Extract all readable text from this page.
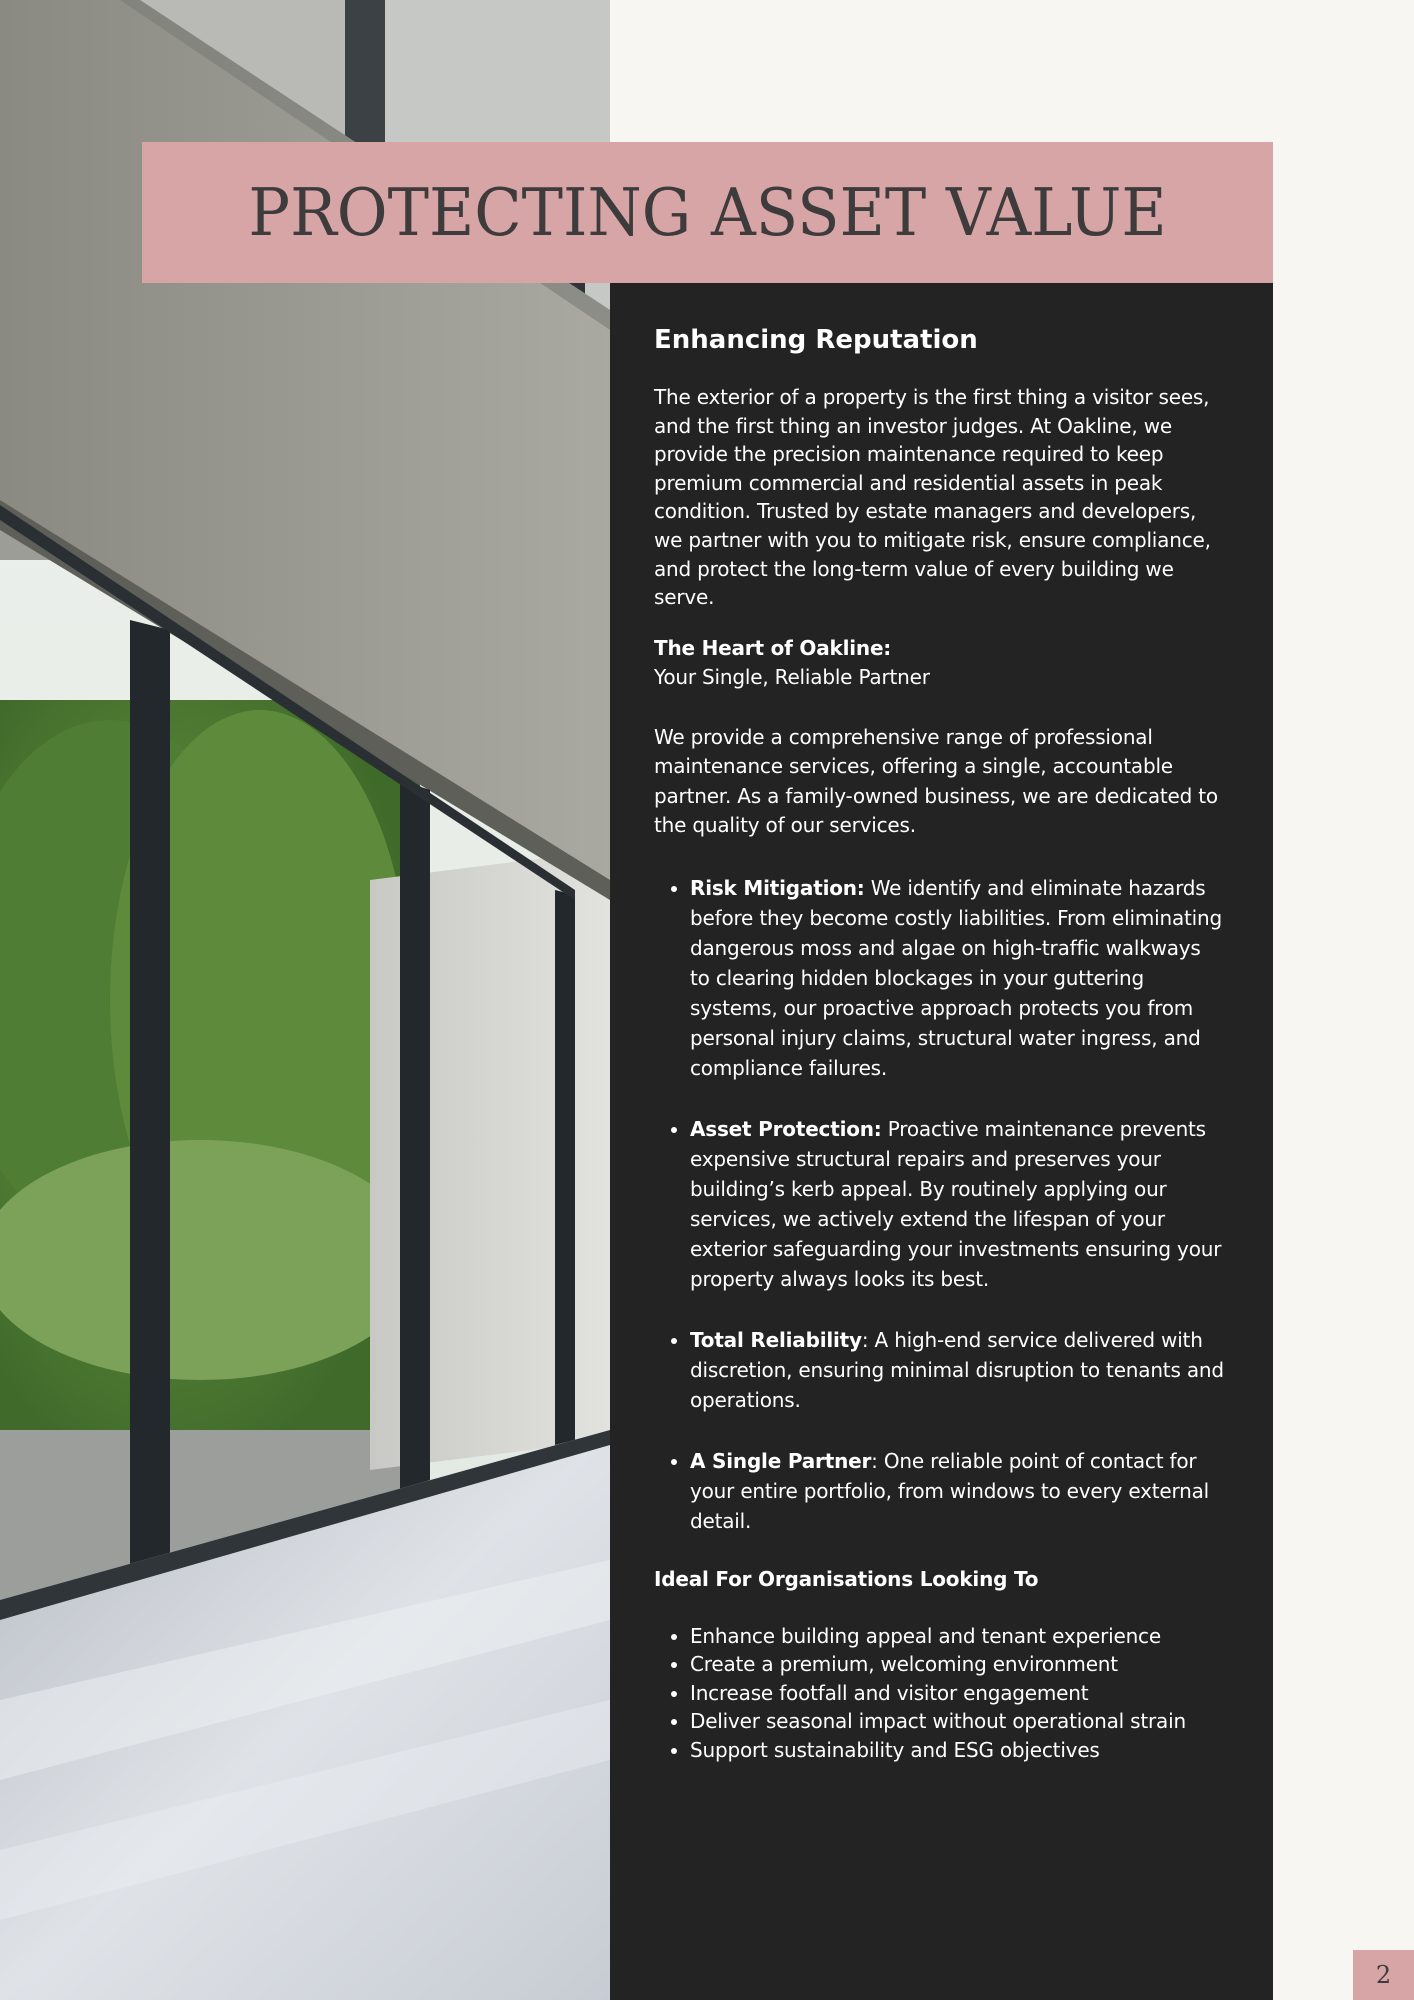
Enhancing Reputation

The exterior of a property is the first thing a visitor sees, and the first thing an investor judges. At Oakline, we provide the precision maintenance required to keep premium commercial and residential assets in peak condition. Trusted by estate managers and developers, we partner with you to mitigate risk, ensure compliance, and protect the long-term value of every building we serve.

The Heart of Oakline:
Your Single, Reliable Partner

We provide a comprehensive range of professional maintenance services, offering a single, accountable partner. As a family-owned business, we are dedicated to the quality of our services.

• Risk Mitigation: We identify and eliminate hazards before they become costly liabilities. From eliminating dangerous moss and algae on high-traffic walkways to clearing hidden blockages in your guttering systems, our proactive approach protects you from personal injury claims, structural water ingress, and compliance failures.
• Asset Protection: Proactive maintenance prevents expensive structural repairs and preserves your building’s kerb appeal. By routinely applying our services, we actively extend the lifespan of your exterior safeguarding your investments ensuring your property always looks its best.
• Total Reliability: A high-end service delivered with discretion, ensuring minimal disruption to tenants and operations.
• A Single Partner: One reliable point of contact for your entire portfolio, from windows to every external detail.
Ideal For Organisations Looking To
• Enhance building appeal and tenant experience
• Create a premium, welcoming environment
• Increase footfall and visitor engagement
• Deliver seasonal impact without operational strain
• Support sustainability and ESG objectives
PROTECTING ASSET VALUE
2
